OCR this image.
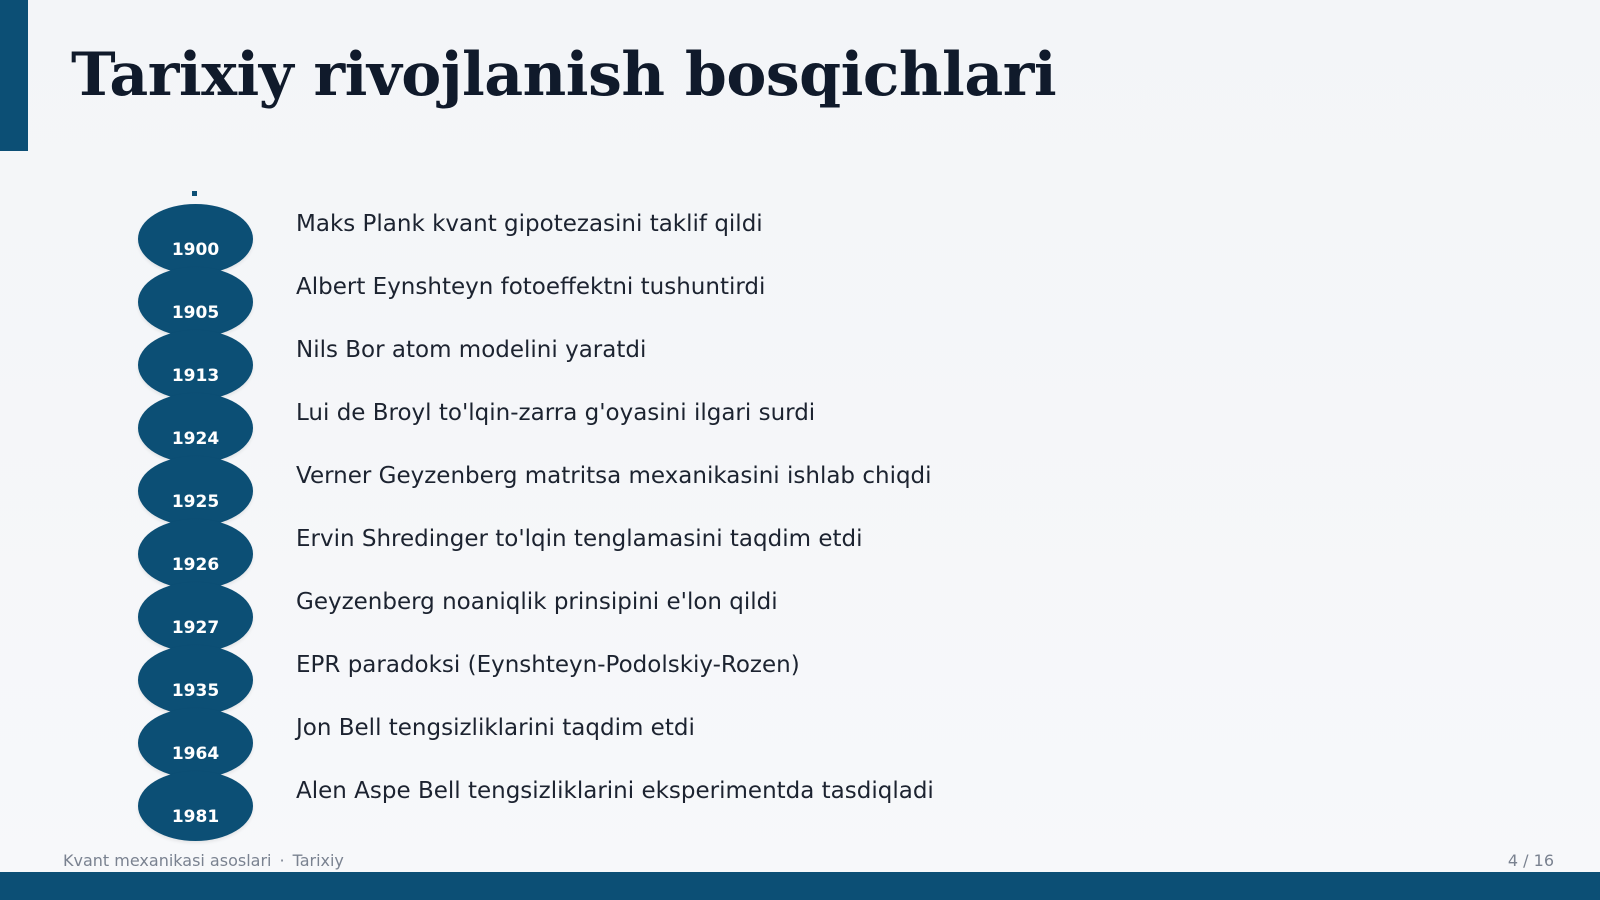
Tarixiy rivojlanish bosqichlari
1900
Maks Plank kvant gipotezasini taklif qildi
1905
Albert Eynshteyn fotoeffektni tushuntirdi
1913
Nils Bor atom modelini yaratdi
1924
Lui de Broyl to'lqin-zarra g'oyasini ilgari surdi
1925
Verner Geyzenberg matritsa mexanikasini ishlab chiqdi
1926
Ervin Shredinger to'lqin tenglamasini taqdim etdi
1927
Geyzenberg noaniqlik prinsipini e'lon qildi
1935
EPR paradoksi (Eynshteyn-Podolskiy-Rozen)
1964
Jon Bell tengsizliklarini taqdim etdi
1981
Alen Aspe Bell tengsizliklarini eksperimentda tasdiqladi
Kvant mexanikasi asoslari · Tarixiy	4 / 16
